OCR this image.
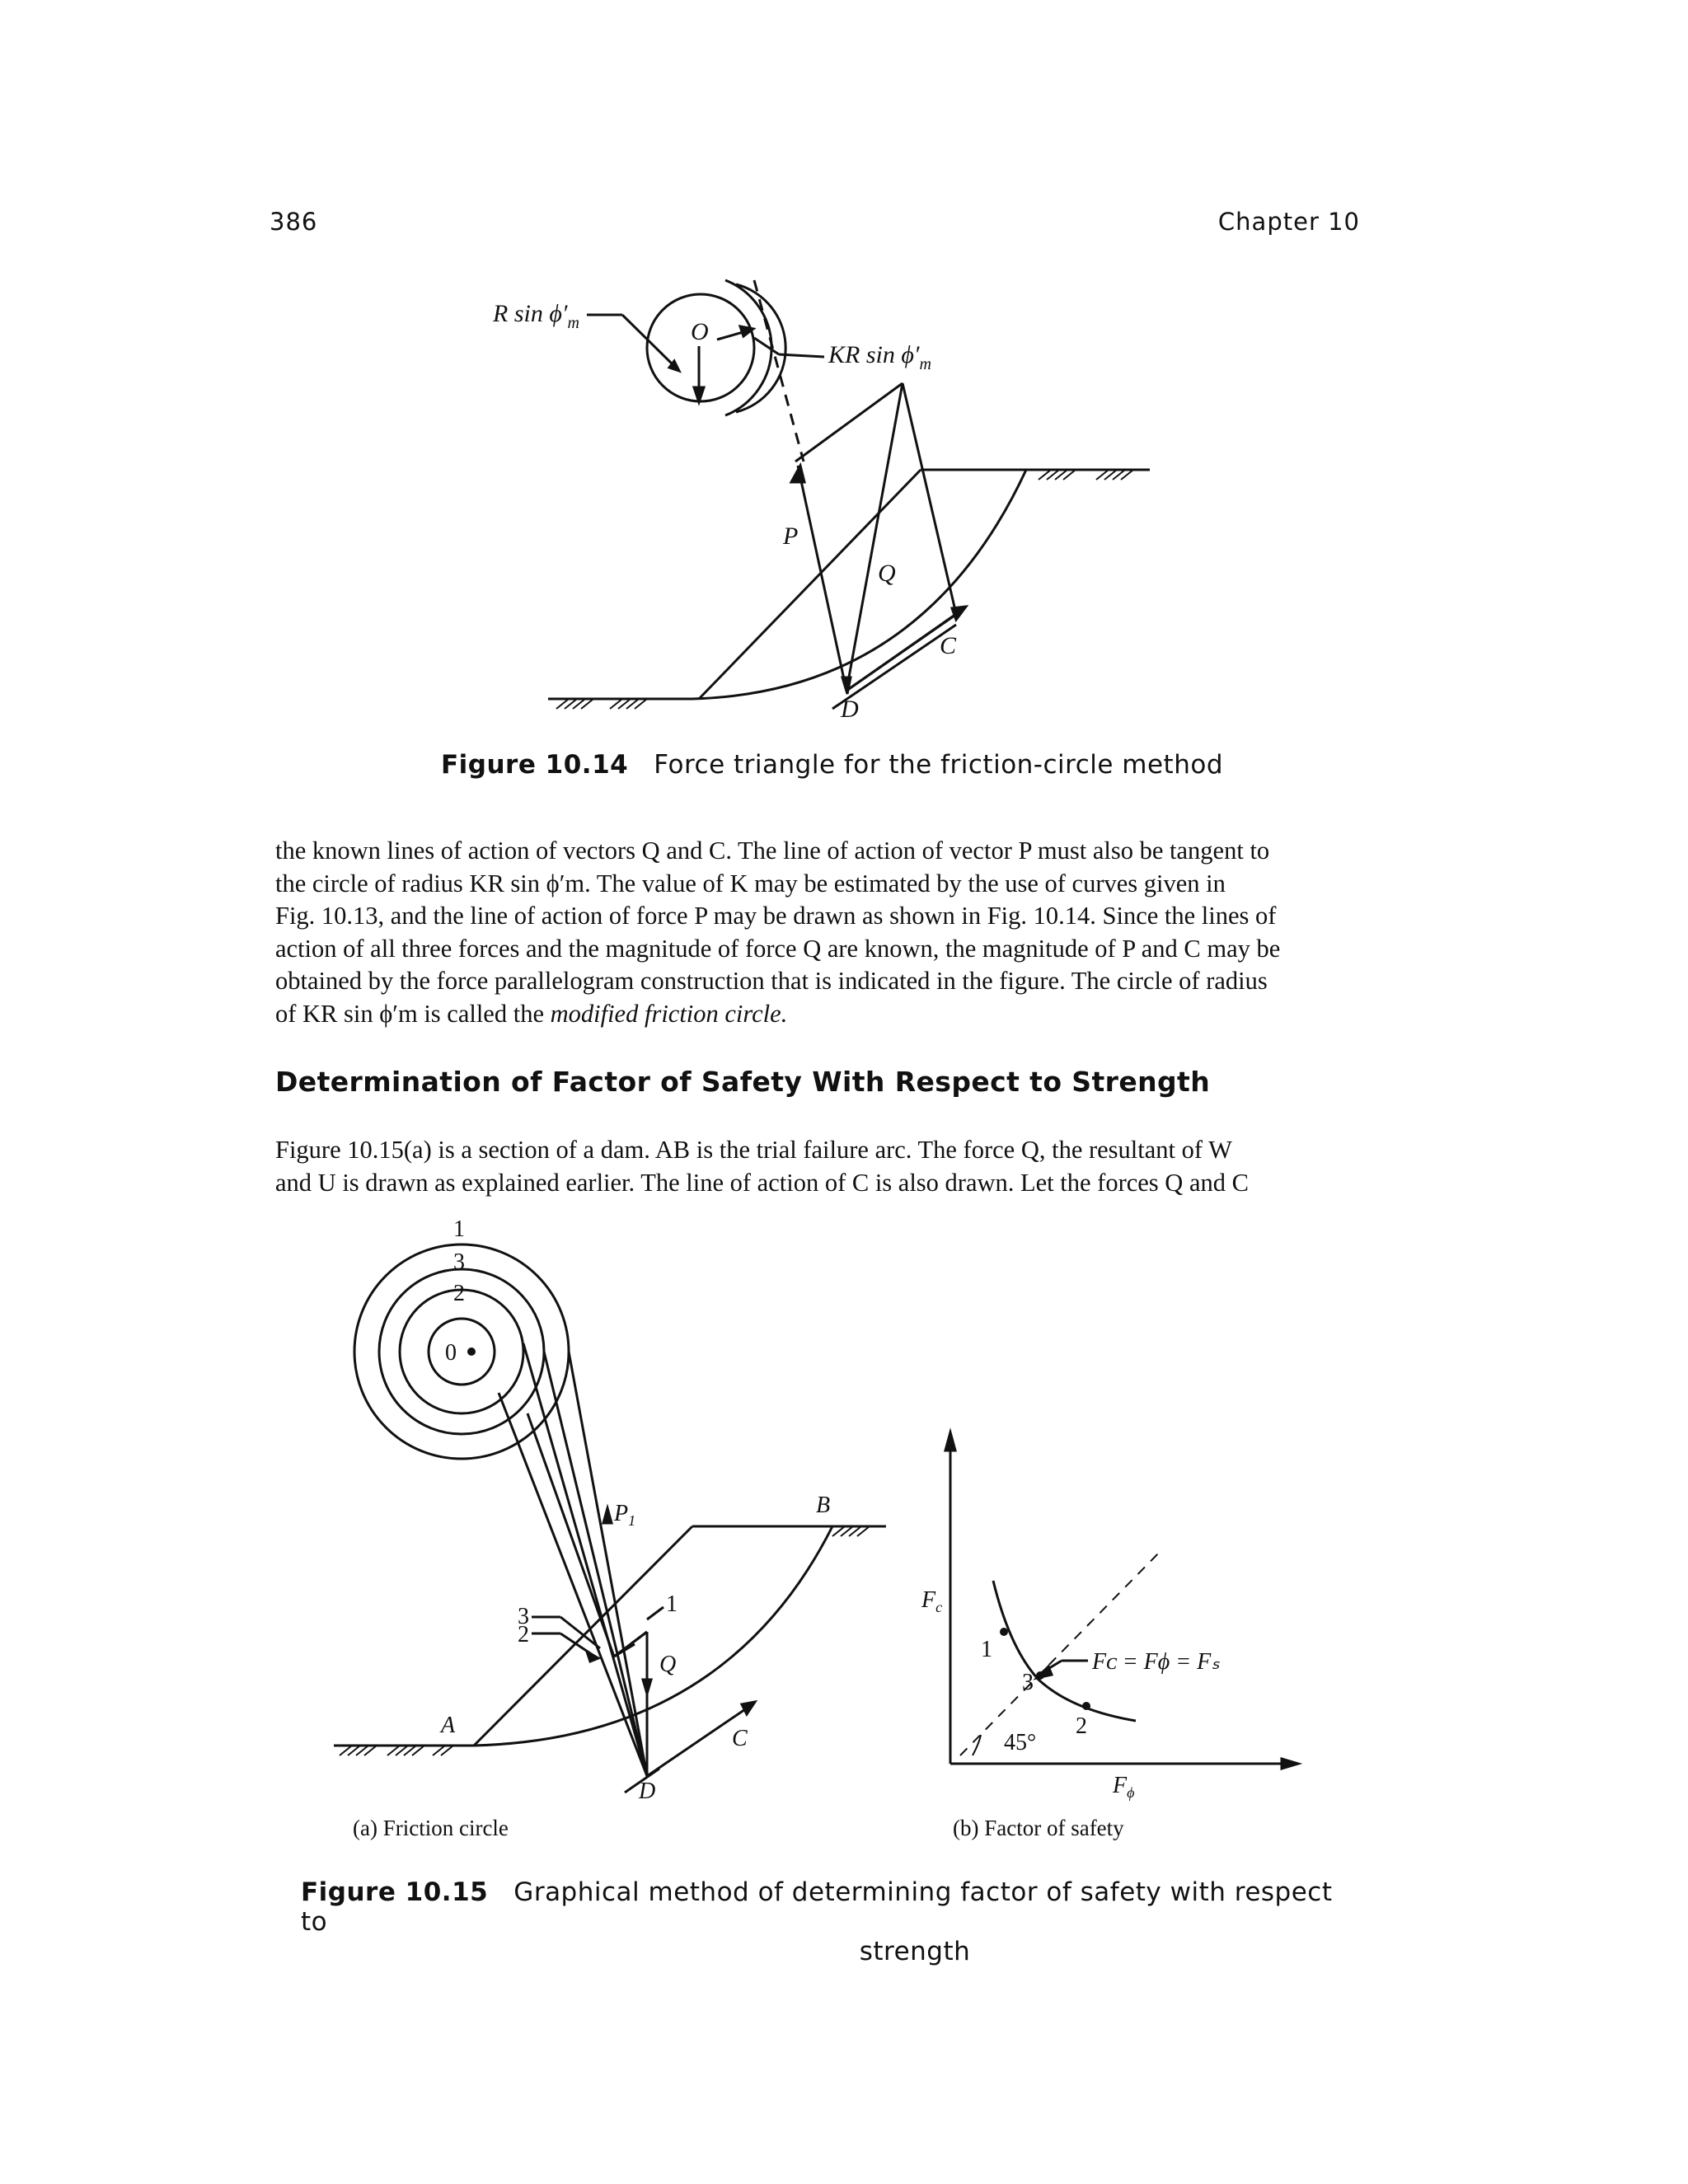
386	Chapter 10
R $\sin \phi'_m$	O
KR $\sin \phi'_m$
P
Q
C
D
Figure 10.14 Force triangle for the friction-circle method
the known lines of action of vectors Q and C. The line of action of vector P must also be tangent to
the circle of radius KR sin ϕ′m. The value of K may be estimated by the use of curves given in
Fig. 10.13, and the line of action of force P may be drawn as shown in Fig. 10.14. Since the lines of
action of all three forces and the magnitude of force Q are known, the magnitude of P and C may be
obtained by the force parallelogram construction that is indicated in the figure. The circle of radius
of KR sin ϕ′m is called the modified friction circle.
Determination of Factor of Safety With Respect to Strength
Figure 10.15(a) is a section of a dam. AB is the trial failure arc. The force Q, the resultant of W
and U is drawn as explained earlier. The line of action of C is also drawn. Let the forces Q and C
1
3
2
0
$P_1$
Q
C
A
B
D
3
2
1	$F_c$
$F_\phi$
1
3
2
45°
Fᴄ = Fϕ = Fₛ
(a) Friction circle	(b) Factor of safety
Figure 10.15 Graphical method of determining factor of safety with respect to
strength
